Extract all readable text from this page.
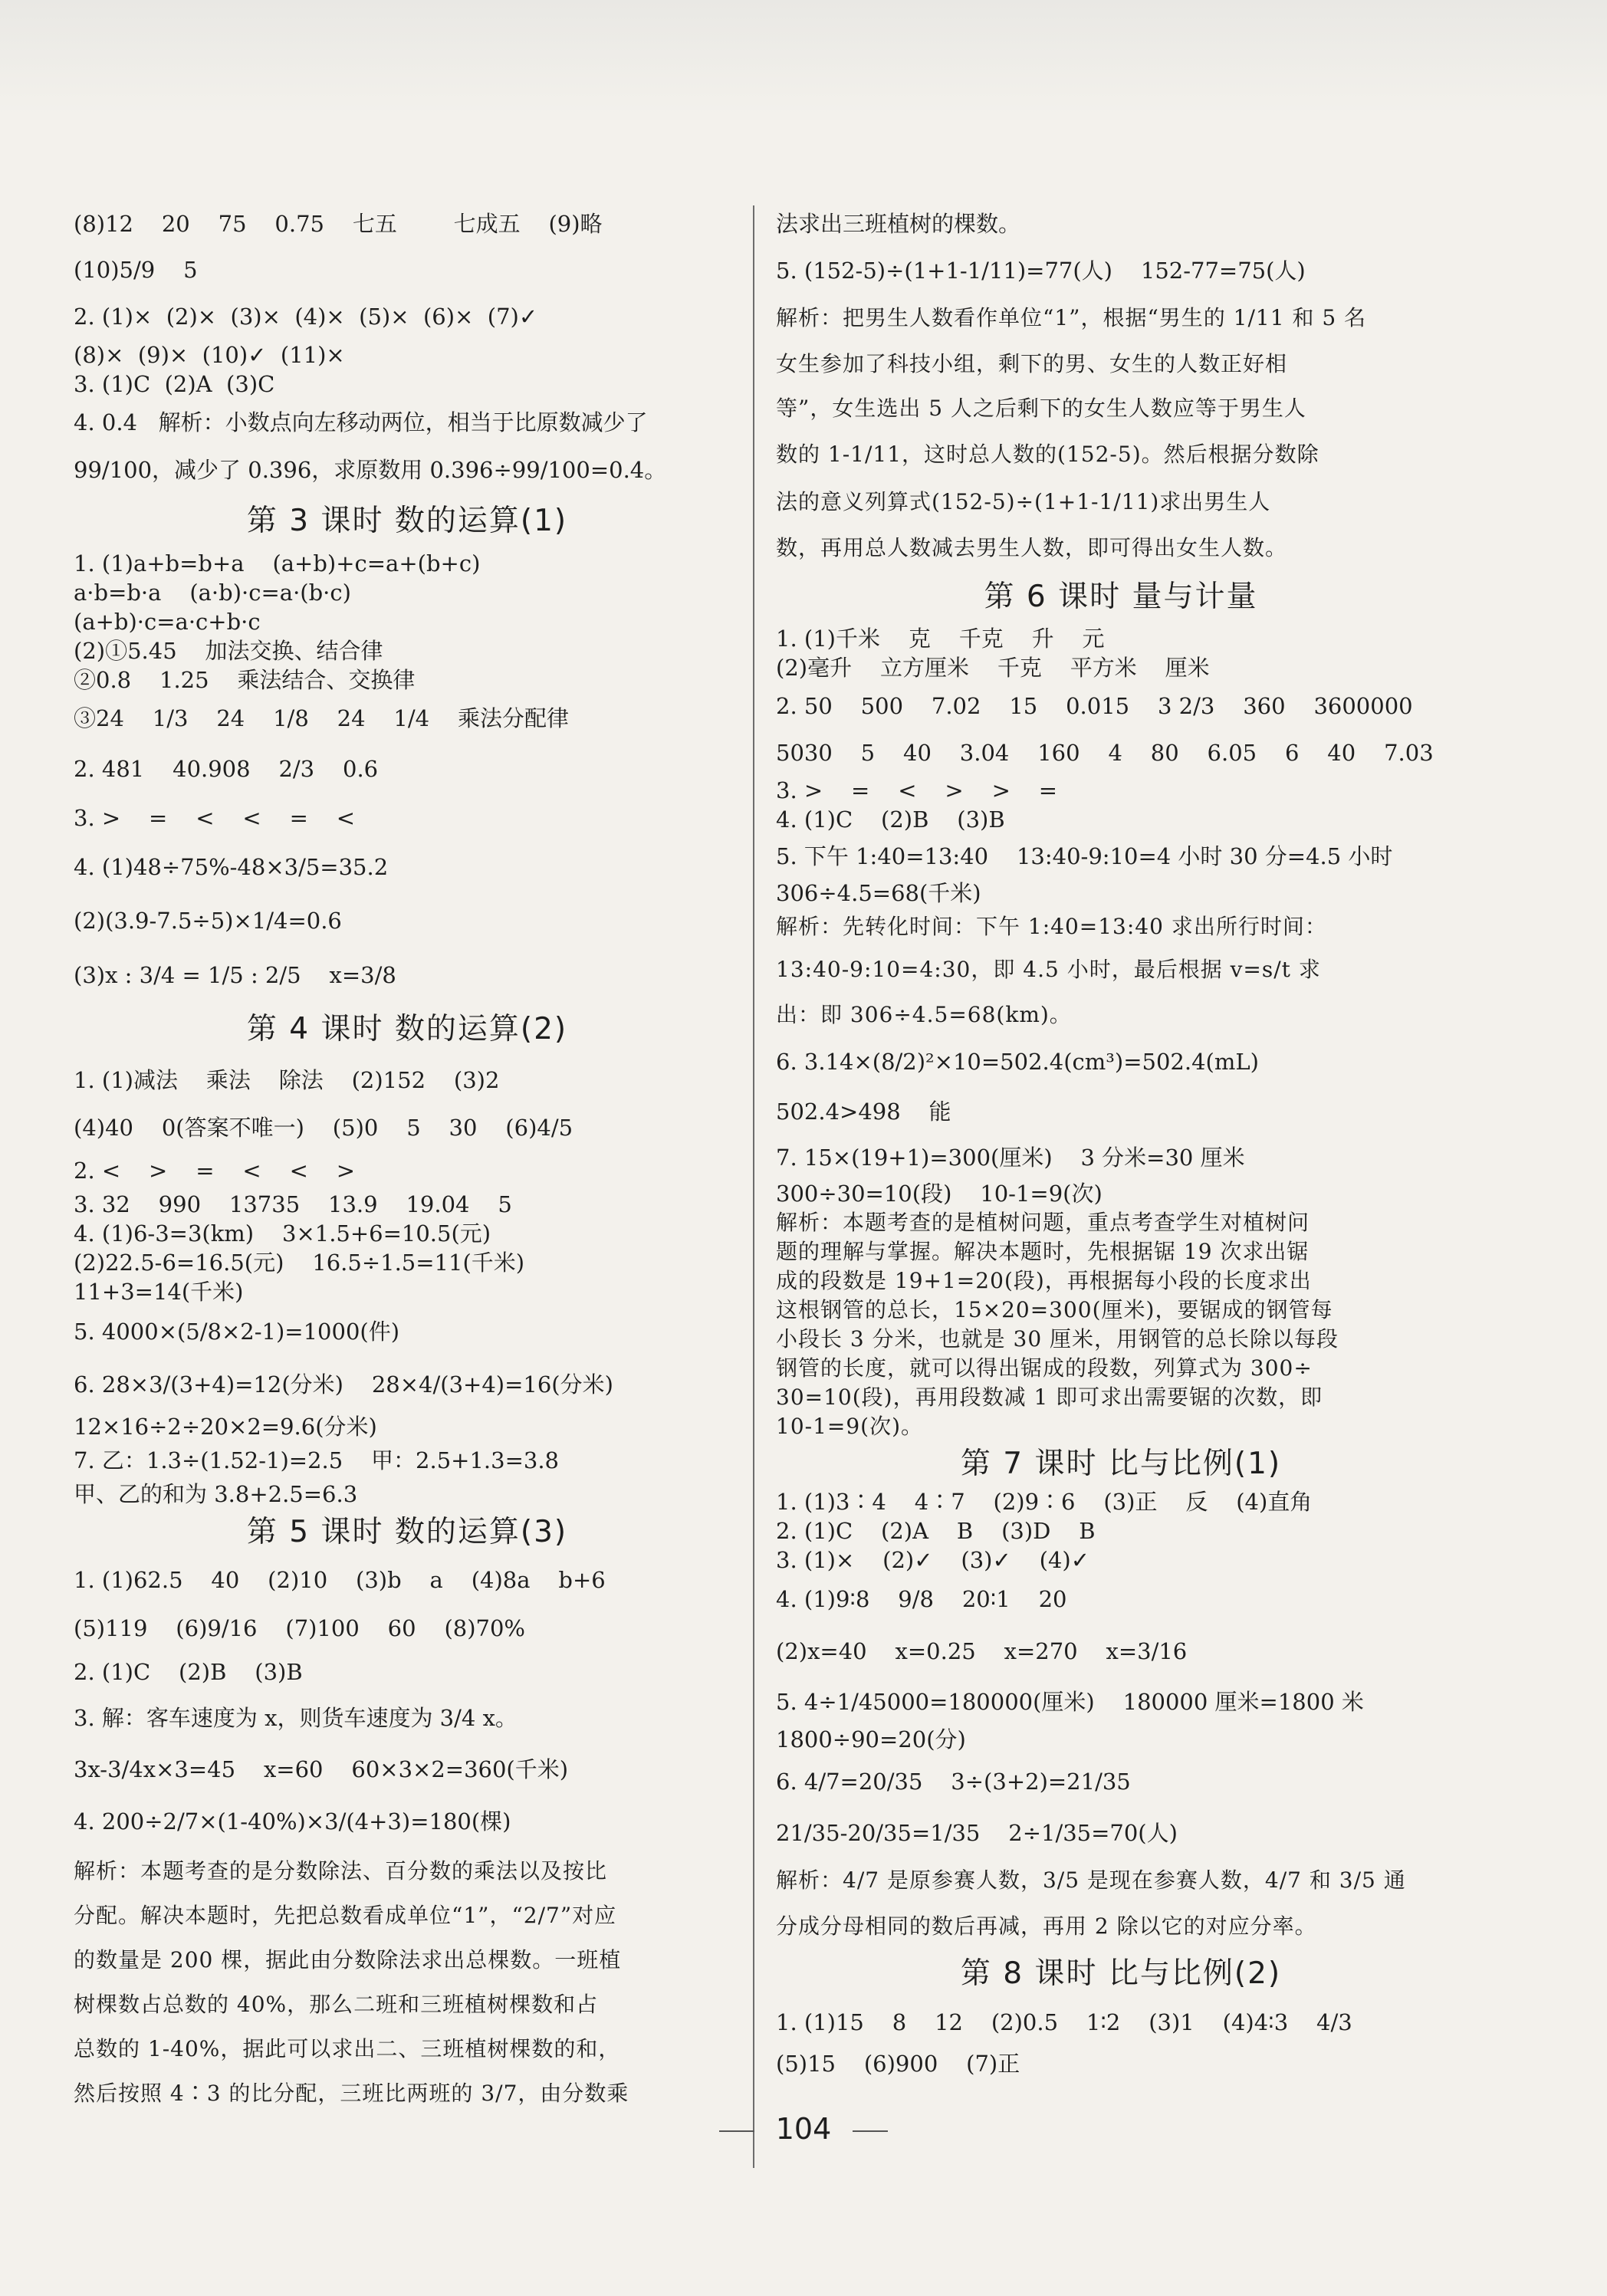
(8)12    20    75    0.75    七五        七成五    (9)略
(10)5/9    5
2. (1)×  (2)×  (3)×  (4)×  (5)×  (6)×  (7)✓
(8)×  (9)×  (10)✓  (11)×
3. (1)C  (2)A  (3)C
4. 0.4   解析：小数点向左移动两位，相当于比原数减少了
99/100，减少了 0.396，求原数用 0.396÷99/100=0.4。
第 3 课时 数的运算(1)
1. (1)a+b=b+a    (a+b)+c=a+(b+c)
a·b=b·a    (a·b)·c=a·(b·c)
(a+b)·c=a·c+b·c
(2)①5.45    加法交换、结合律
②0.8    1.25    乘法结合、交换律
③24    1/3    24    1/8    24    1/4    乘法分配律
2. 481    40.908    2/3    0.6
3. >    =    <    <    =    <
4. (1)48÷75%-48×3/5=35.2
(2)(3.9-7.5÷5)×1/4=0.6
(3)x : 3/4 = 1/5 : 2/5    x=3/8
第 4 课时 数的运算(2)
1. (1)减法    乘法    除法    (2)152    (3)2
(4)40    0(答案不唯一)    (5)0    5    30    (6)4/5
2. <    >    =    <    <    >
3. 32    990    13735    13.9    19.04    5
4. (1)6-3=3(km)    3×1.5+6=10.5(元)
(2)22.5-6=16.5(元)    16.5÷1.5=11(千米)
11+3=14(千米)
5. 4000×(5/8×2-1)=1000(件)
6. 28×3/(3+4)=12(分米)    28×4/(3+4)=16(分米)
12×16÷2÷20×2=9.6(分米)
7. 乙：1.3÷(1.52-1)=2.5    甲：2.5+1.3=3.8
甲、乙的和为 3.8+2.5=6.3
第 5 课时 数的运算(3)
1. (1)62.5    40    (2)10    (3)b    a    (4)8a    b+6
(5)119    (6)9/16    (7)100    60    (8)70%
2. (1)C    (2)B    (3)B
3. 解：客车速度为 x，则货车速度为 3/4 x。
3x-3/4x×3=45    x=60    60×3×2=360(千米)
4. 200÷2/7×(1-40%)×3/(4+3)=180(棵)
解析：本题考查的是分数除法、百分数的乘法以及按比
分配。解决本题时，先把总数看成单位“1”，“2/7”对应
的数量是 200 棵，据此由分数除法求出总棵数。一班植
树棵数占总数的 40%，那么二班和三班植树棵数和占
总数的 1-40%，据此可以求出二、三班植树棵数的和，
然后按照 4∶3 的比分配，三班比两班的 3/7，由分数乘
法求出三班植树的棵数。
5. (152-5)÷(1+1-1/11)=77(人)    152-77=75(人)
解析：把男生人数看作单位“1”，根据“男生的 1/11 和 5 名
女生参加了科技小组，剩下的男、女生的人数正好相
等”，女生选出 5 人之后剩下的女生人数应等于男生人
数的 1-1/11，这时总人数的(152-5)。然后根据分数除
法的意义列算式(152-5)÷(1+1-1/11)求出男生人
数，再用总人数减去男生人数，即可得出女生人数。
第 6 课时 量与计量
1. (1)千米    克    千克    升    元
(2)毫升    立方厘米    千克    平方米    厘米
2. 50    500    7.02    15    0.015    3 2/3    360    3600000
5030    5    40    3.04    160    4    80    6.05    6    40    7.03
3. >    =    <    >    >    =
4. (1)C    (2)B    (3)B
5. 下午 1:40=13:40    13:40-9:10=4 小时 30 分=4.5 小时
306÷4.5=68(千米)
解析：先转化时间：下午 1:40=13:40 求出所行时间：
13:40-9:10=4:30，即 4.5 小时，最后根据 v=s/t 求
出：即 306÷4.5=68(km)。
6. 3.14×(8/2)²×10=502.4(cm³)=502.4(mL)
502.4>498    能
7. 15×(19+1)=300(厘米)    3 分米=30 厘米
300÷30=10(段)    10-1=9(次)
解析：本题考查的是植树问题，重点考查学生对植树问
题的理解与掌握。解决本题时，先根据锯 19 次求出锯
成的段数是 19+1=20(段)，再根据每小段的长度求出
这根钢管的总长，15×20=300(厘米)，要锯成的钢管每
小段长 3 分米，也就是 30 厘米，用钢管的总长除以每段
钢管的长度，就可以得出锯成的段数，列算式为 300÷
30=10(段)，再用段数减 1 即可求出需要锯的次数，即
10-1=9(次)。
第 7 课时 比与比例(1)
1. (1)3∶4    4∶7    (2)9∶6    (3)正    反    (4)直角
2. (1)C    (2)A    B    (3)D    B
3. (1)×    (2)✓    (3)✓    (4)✓
4. (1)9∶8    9/8    20∶1    20
(2)x=40    x=0.25    x=270    x=3/16
5. 4÷1/45000=180000(厘米)    180000 厘米=1800 米
1800÷90=20(分)
6. 4/7=20/35    3÷(3+2)=21/35
21/35-20/35=1/35    2÷1/35=70(人)
解析：4/7 是原参赛人数，3/5 是现在参赛人数，4/7 和 3/5 通
分成分母相同的数后再减，再用 2 除以它的对应分率。
第 8 课时 比与比例(2)
1. (1)15    8    12    (2)0.5    1∶2    (3)1    (4)4∶3    4/3
(5)15    (6)900    (7)正
104
